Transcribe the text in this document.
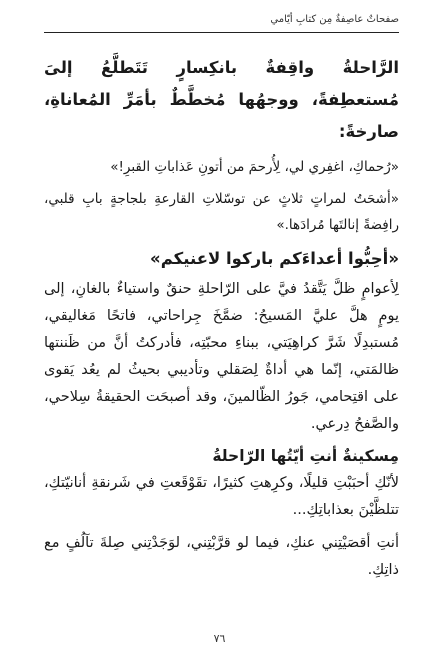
صفحاتٌ عاصِفةٌ مِن كتابِ أيّامي

الرَّاحلةُ واقِفةٌ بانكِسارٍ تَتَطلَّعُ إلىَ مُستعطِفةً، ووجهُها مُخطَّطٌ بأمَرِّ المُعاناةِ، صارخةً:

«رُحماكِ، اغفِري لي، لِأُرحمَ من أتونِ عَذاباتِ القبرِ!»

«أشحَتُ لمراتٍ ثلاثٍ عن توسّلاتِ القارعةِ بلجاجةٍ بابِ قلبي، رافِضةً إنالتَها مُرادَها.»

«أحِبُّوا أعداءَكم باركوا لاعنيكم»

لِأعوامٍ ظلَّ يَتَّقدُ فيَّ على الرّاحلةِ حنقٌ واستياءٌ بالغانِ، إلى يومٍ هلَّ عليَّ المَسيحُ: ضمَّخَ جِراحاتي، فاتحًا مَغاليقي، مُستبدِلًا شَرَّ كراهِيَتي، ببناءِ محبّتِه، فأدركتُ أنَّ من ظَننتها ظالمَتي، إنّما هي أداةٌ لِصَقلي وتأديبي بحيثُ لم يعُد يَقوى على اقتِحامي، جَورُ الظّالمينَ، وقد أصبحَت الحقيقةُ سِلاحي، والصَّفحُ دِرعي.

مِسكينةٌ أنتِ أيّتُها الرّاحلةُ

لأنّكِ أحبَبْتِ قليلًا، وكرِهتِ كثيرًا، تقَوْقَعتِ في شَرنقةِ أنانيّتكِ، تتلظَّيْنَ بعذاباتِكِ...

أنتِ أقصَيْتِني عنكِ، فيما لو قرَّبْتِني، لوَجَدْتِني صِلةَ تآلُفٍ مع ذاتِكِ.

٧٦
